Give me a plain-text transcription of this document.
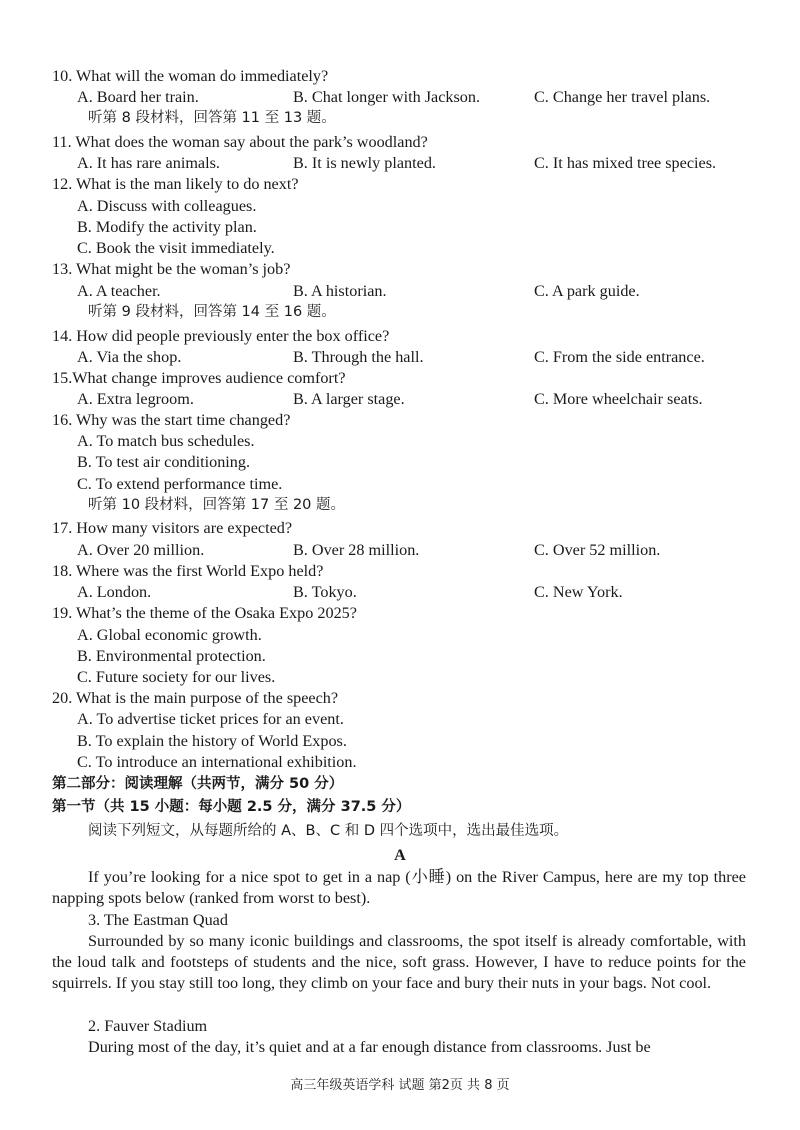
10. What will the woman do immediately?
A. Board her train.	B. Chat longer with Jackson.	C. Change her travel plans.
听第 8 段材料，回答第 11 至 13 题。
11. What does the woman say about the park’s woodland?
A. It has rare animals.	B. It is newly planted.	C. It has mixed tree species.
12. What is the man likely to do next?
A. Discuss with colleagues.
B. Modify the activity plan.
C. Book the visit immediately.
13. What might be the woman’s job?
A. A teacher.	B. A historian.	C. A park guide.
听第 9 段材料，回答第 14 至 16 题。
14. How did people previously enter the box office?
A. Via the shop.	B. Through the hall.	C. From the side entrance.
15.What change improves audience comfort?
A. Extra legroom.	B. A larger stage.	C. More wheelchair seats.
16. Why was the start time changed?
A. To match bus schedules.
B. To test air conditioning.
C. To extend performance time.
听第 10 段材料，回答第 17 至 20 题。
17. How many visitors are expected?
A. Over 20 million.	B. Over 28 million.	C. Over 52 million.
18. Where was the first World Expo held?
A. London.	B. Tokyo.	C. New York.
19. What’s the theme of the Osaka Expo 2025?
A. Global economic growth.
B. Environmental protection.
C. Future society for our lives.
20. What is the main purpose of the speech?
A. To advertise ticket prices for an event.
B. To explain the history of World Expos.
C. To introduce an international exhibition.
第二部分：阅读理解（共两节，满分 50 分）
第一节（共 15 小题：每小题 2.5 分，满分 37.5 分）
阅读下列短文，从每题所给的 A、B、C 和 D 四个选项中，选出最佳选项。
A
If you’re looking for a nice spot to get in a nap (小睡) on the River Campus, here are my top three napping spots below (ranked from worst to best).
3. The Eastman Quad
Surrounded by so many iconic buildings and classrooms, the spot itself is already comfortable, with the loud talk and footsteps of students and the nice, soft grass. However, I have to reduce points for the squirrels. If you stay still too long, they climb on your face and bury their nuts in your bags. Not cool.
2. Fauver Stadium
During most of the day, it’s quiet and at a far enough distance from classrooms. Just be
高三年级英语学科 试题 第2页 共 8 页
